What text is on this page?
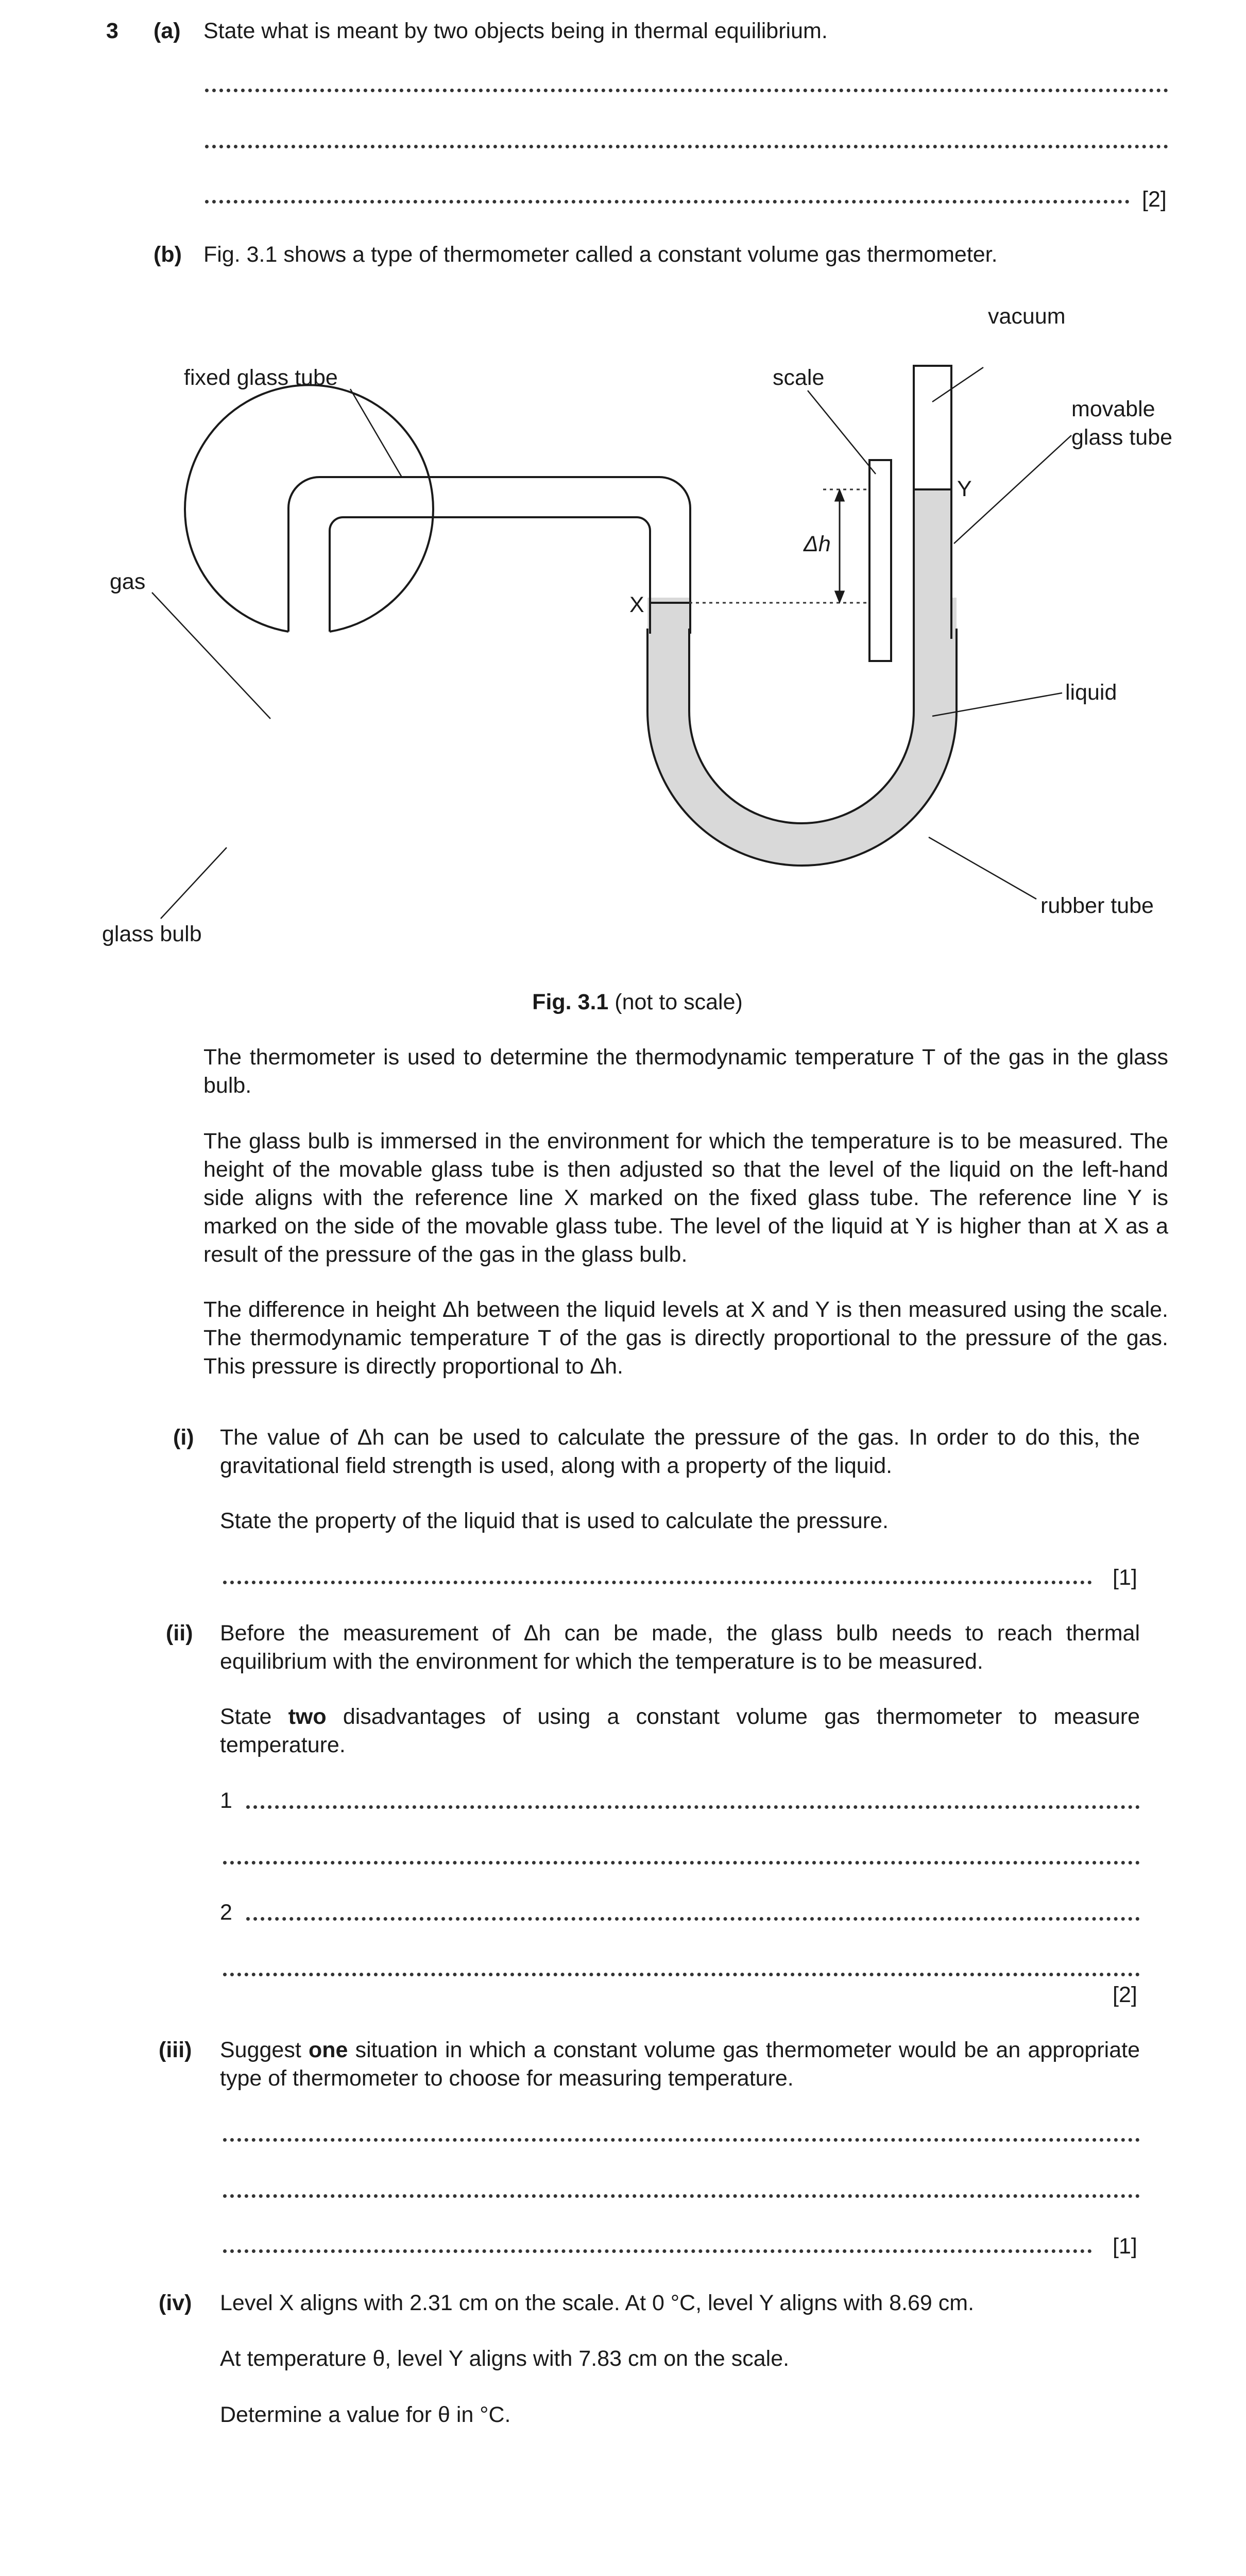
3 (a) State what is meant by two objects being in thermal equilibrium.
[2]
(b) Fig. 3.1 shows a type of thermometer called a constant volume gas thermometer.
vacuum
fixed glass tube	scale
movable
glass tube
Y
X
Δh
gas
liquid
glass bulb
rubber tube
Fig. 3.1 (not to scale)
The thermometer is used to determine the thermodynamic temperature T of the gas in the glass bulb.
The glass bulb is immersed in the environment for which the temperature is to be measured. The height of the movable glass tube is then adjusted so that the level of the liquid on the left-hand side aligns with the reference line X marked on the fixed glass tube. The reference line Y is marked on the side of the movable glass tube. The level of the liquid at Y is higher than at X as a result of the pressure of the gas in the glass bulb.
The difference in height Δh between the liquid levels at X and Y is then measured using the scale. The thermodynamic temperature T of the gas is directly proportional to the pressure of the gas. This pressure is directly proportional to Δh.
(i) The value of Δh can be used to calculate the pressure of the gas. In order to do this, the gravitational field strength is used, along with a property of the liquid.
State the property of the liquid that is used to calculate the pressure.
[1]
(ii) Before the measurement of Δh can be made, the glass bulb needs to reach thermal equilibrium with the environment for which the temperature is to be measured.
State two disadvantages of using a constant volume gas thermometer to measure temperature.
1
2
[2]
(iii) Suggest one situation in which a constant volume gas thermometer would be an appropriate type of thermometer to choose for measuring temperature.
[1]
(iv) Level X aligns with 2.31 cm on the scale. At 0 °C, level Y aligns with 8.69 cm.
At temperature θ, level Y aligns with 7.83 cm on the scale.
Determine a value for θ in °C.
